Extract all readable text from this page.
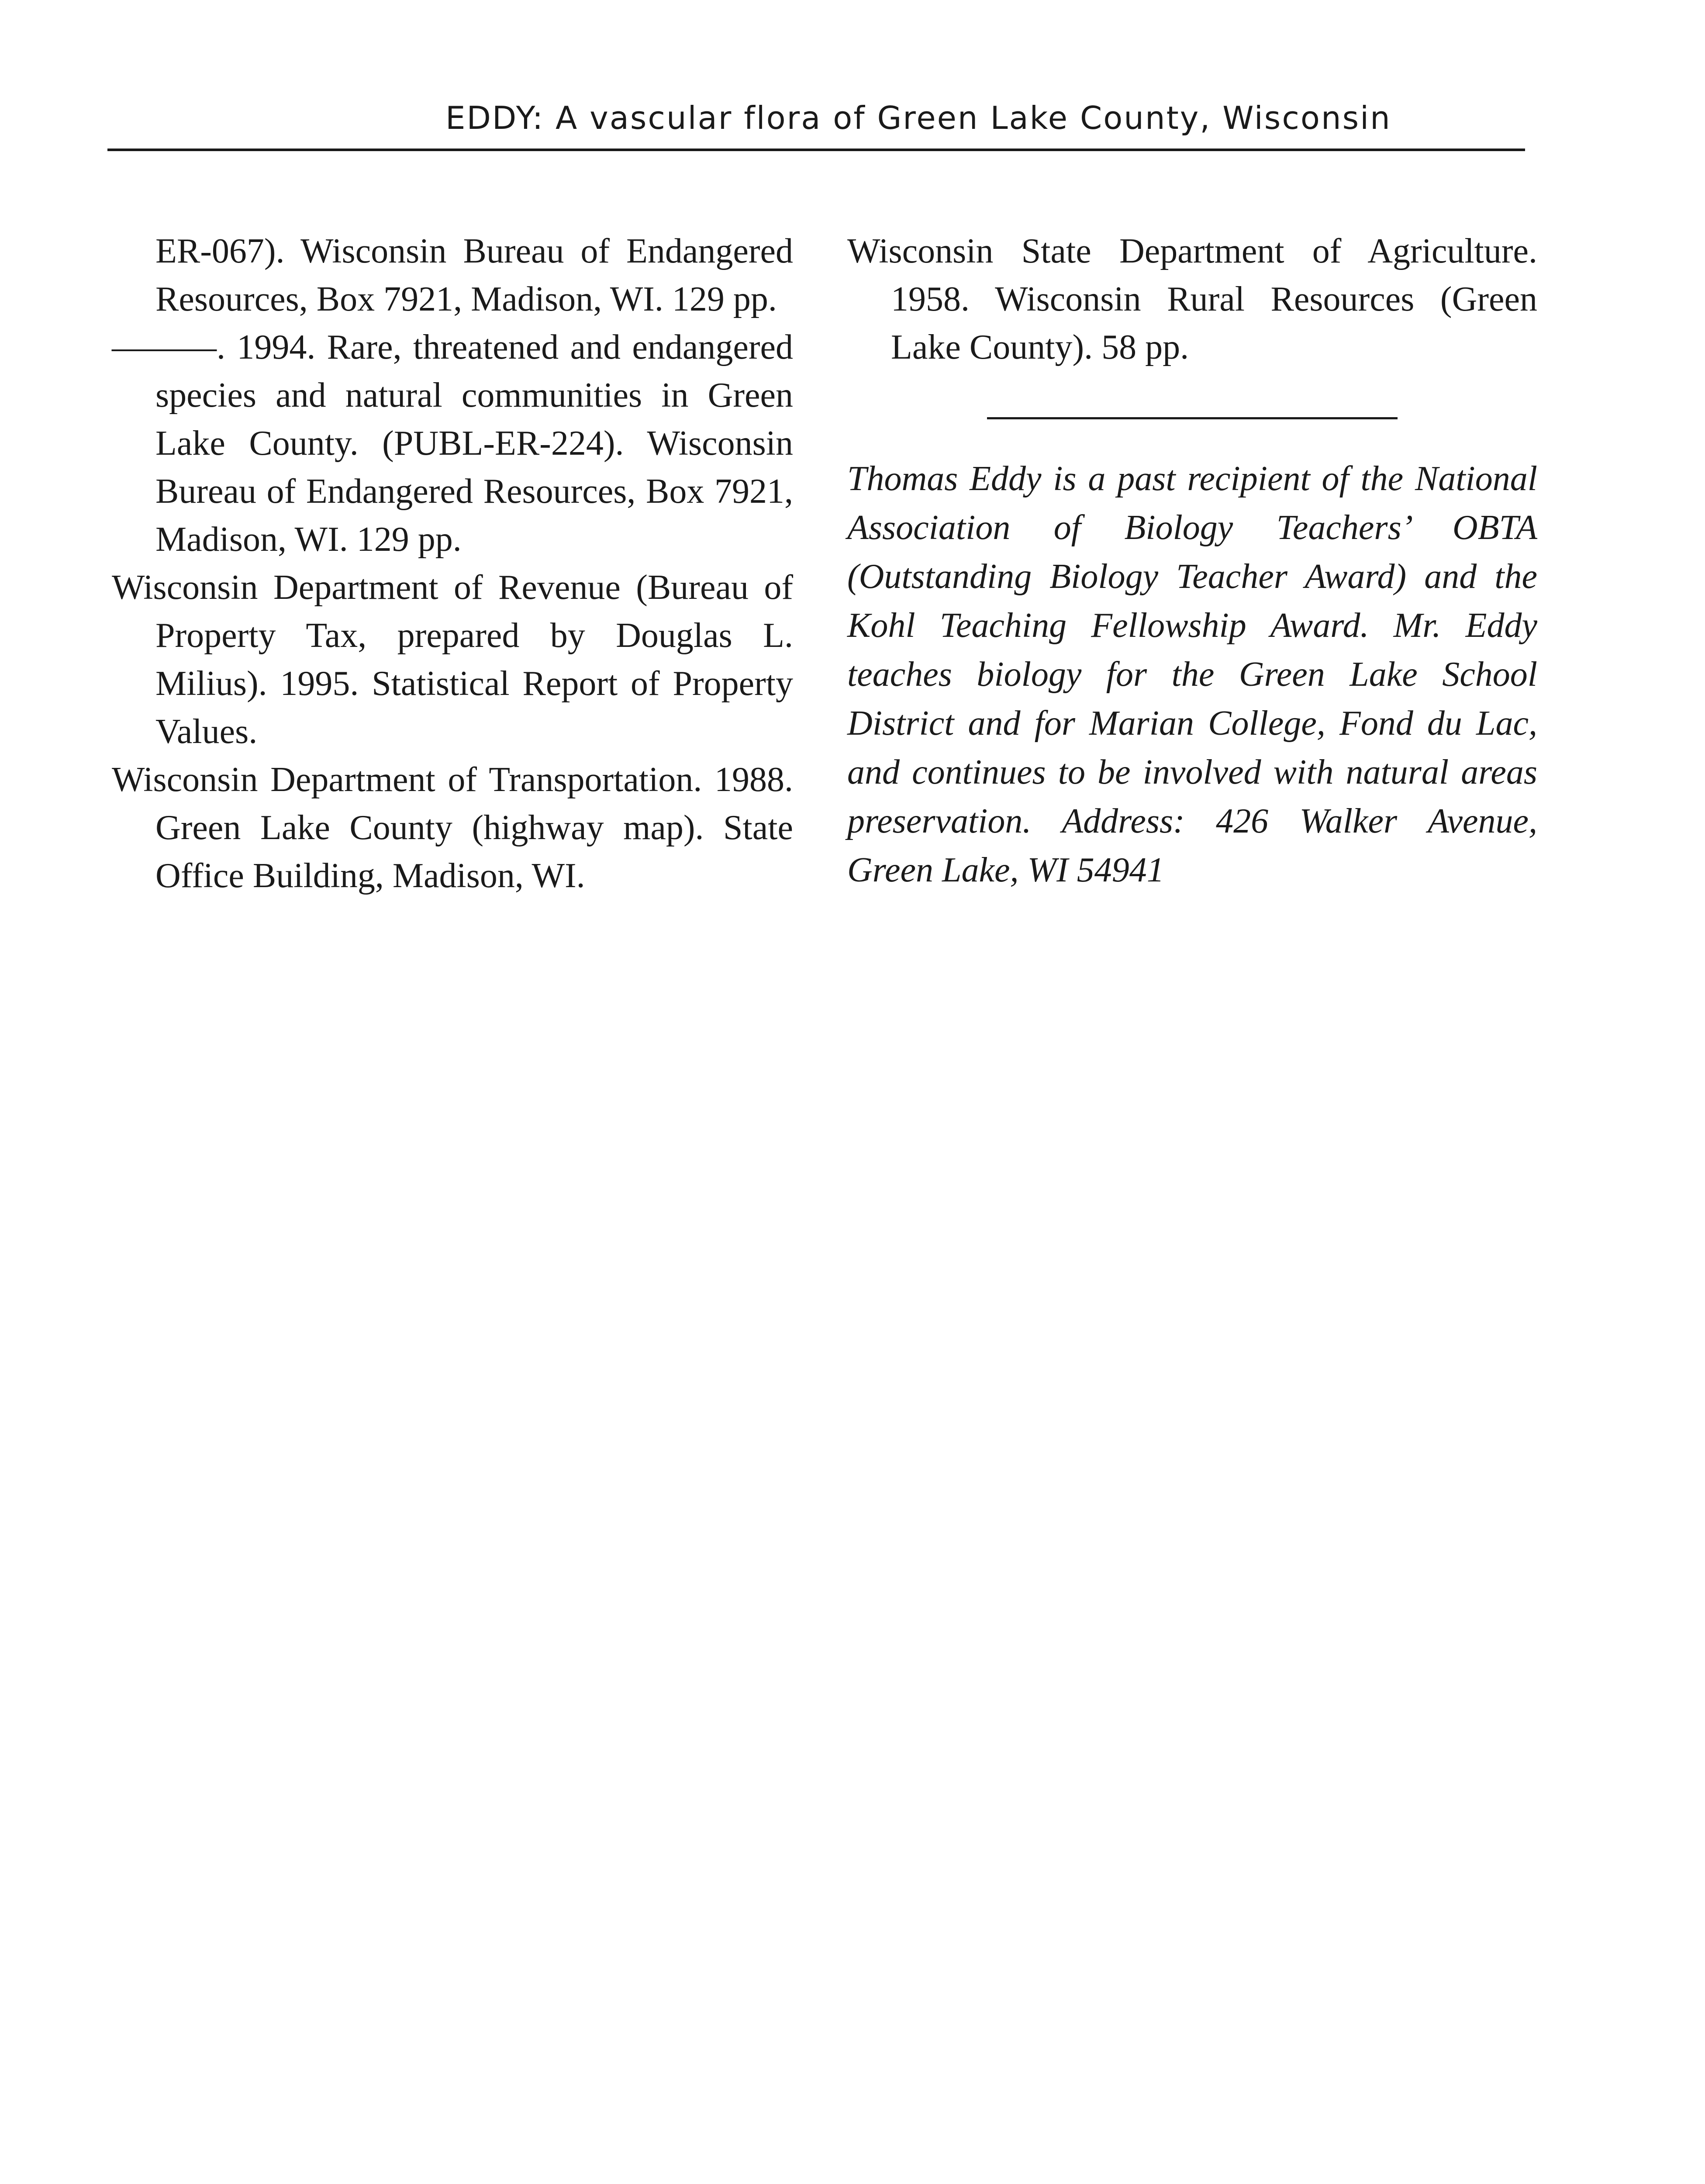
EDDY: A vascular flora of Green Lake County, Wisconsin

ER-067). Wisconsin Bureau of Endangered Resources, Box 7921, Madison, WI. 129 pp.

———. 1994. Rare, threatened and endangered species and natural communities in Green Lake County. (PUBL-ER-224). Wisconsin Bureau of Endangered Resources, Box 7921, Madison, WI. 129 pp.

Wisconsin Department of Revenue (Bureau of Property Tax, prepared by Douglas L. Milius). 1995. Statistical Report of Property Values.

Wisconsin Department of Transportation. 1988. Green Lake County (highway map). State Office Building, Madison, WI.

Wisconsin State Department of Agriculture. 1958. Wisconsin Rural Resources (Green Lake County). 58 pp.

Thomas Eddy is a past recipient of the National Association of Biology Teachers’ OBTA (Outstanding Biology Teacher Award) and the Kohl Teaching Fellowship Award. Mr. Eddy teaches biology for the Green Lake School District and for Marian College, Fond du Lac, and continues to be involved with natural areas preservation. Address: 426 Walker Avenue, Green Lake, WI 54941
